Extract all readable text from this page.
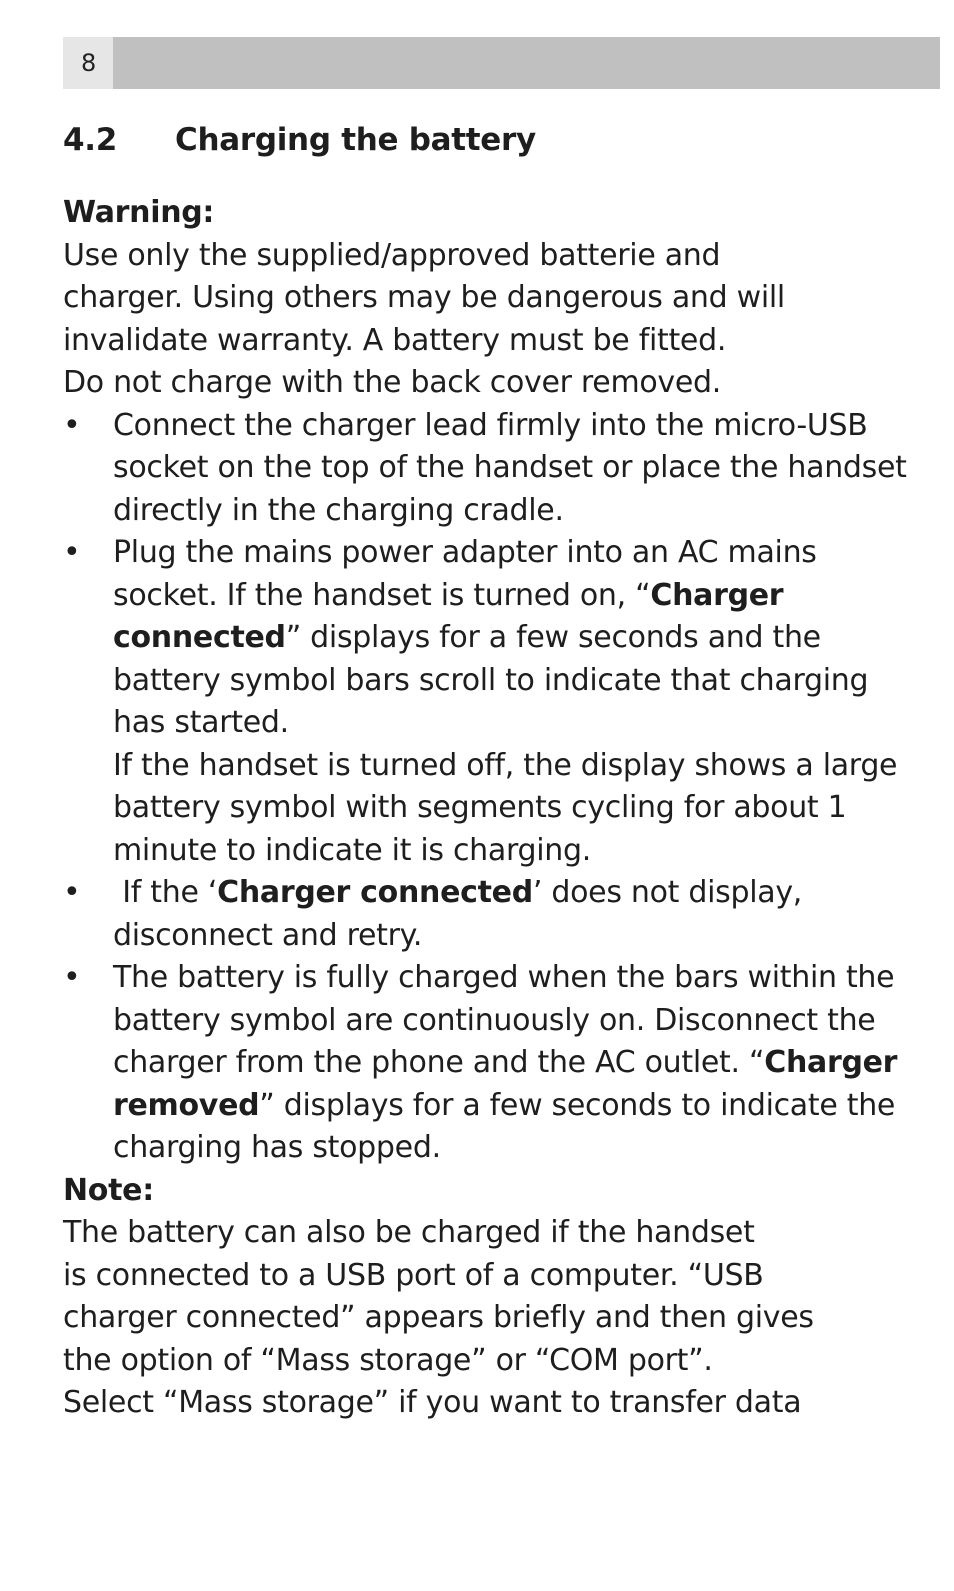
8
4.2 Charging the battery

Warning:

Use only the supplied/approved batterie and

charger. Using others may be dangerous and will

invalidate warranty. A battery must be fitted.

Do not charge with the back cover removed.

• Connect the charger lead firmly into the micro-USB socket on the top of the handset or place the handset directly in the charging cradle.
• Plug the mains power adapter into an AC mains socket. If the handset is turned on, “Charger connected” displays for a few seconds and the battery symbol bars scroll to indicate that charging has started.
If the handset is turned off, the display shows a large battery symbol with segments cycling for about 1 minute to indicate it is charging.
• If the ‘Charger connected’ does not display, disconnect and retry.
• The battery is fully charged when the bars within the battery symbol are continuously on. Disconnect the charger from the phone and the AC outlet. “Charger removed” displays for a few seconds to indicate the charging has stopped.

Note:

The battery can also be charged if the handset

is connected to a USB port of a computer. “USB

charger connected” appears briefly and then gives

the option of “Mass storage” or “COM port”.

Select “Mass storage” if you want to transfer data
